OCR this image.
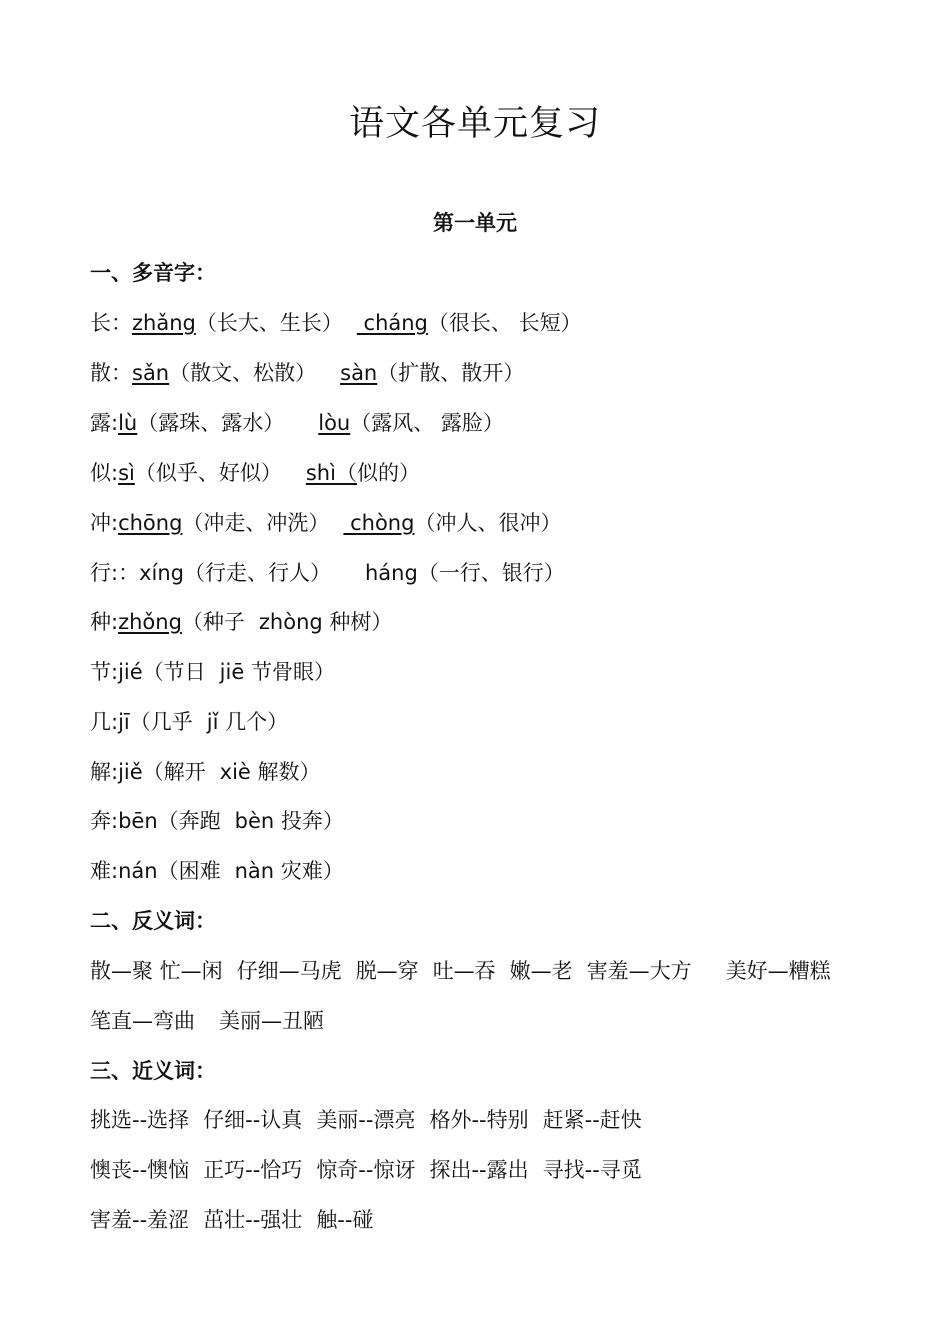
语文各单元复习
第一单元
一、多音字：
长：zhǎng（长大、生长） cháng（很长、 长短）
散：sǎn（散文、松散） sàn（扩散、散开）
露:lù（露珠、露水） lòu（露风、 露脸）
似:sì（似乎、好似） shì（似的）
冲:chōng（冲走、冲洗） chòng（冲人、很冲）
行:：xíng（行走、行人） háng（一行、银行）
种:zhǒng（种子 zhòng 种树）
节:jié（节日 jiē 节骨眼）
几:jī（几乎 jǐ 几个）
解:jiě（解开 xiè 解数）
奔:bēn（奔跑 bèn 投奔）
难:nán（困难 nàn 灾难）
二、反义词：
散—聚 忙—闲 仔细—马虎 脱—穿 吐—吞 嫩—老 害羞—大方 美好—糟糕
笔直—弯曲 美丽—丑陋
三、近义词：
挑选--选择 仔细--认真 美丽--漂亮 格外--特别 赶紧--赶快
懊丧--懊恼 正巧--恰巧 惊奇--惊讶 探出--露出 寻找--寻觅
害羞--羞涩 茁壮--强壮 触--碰
